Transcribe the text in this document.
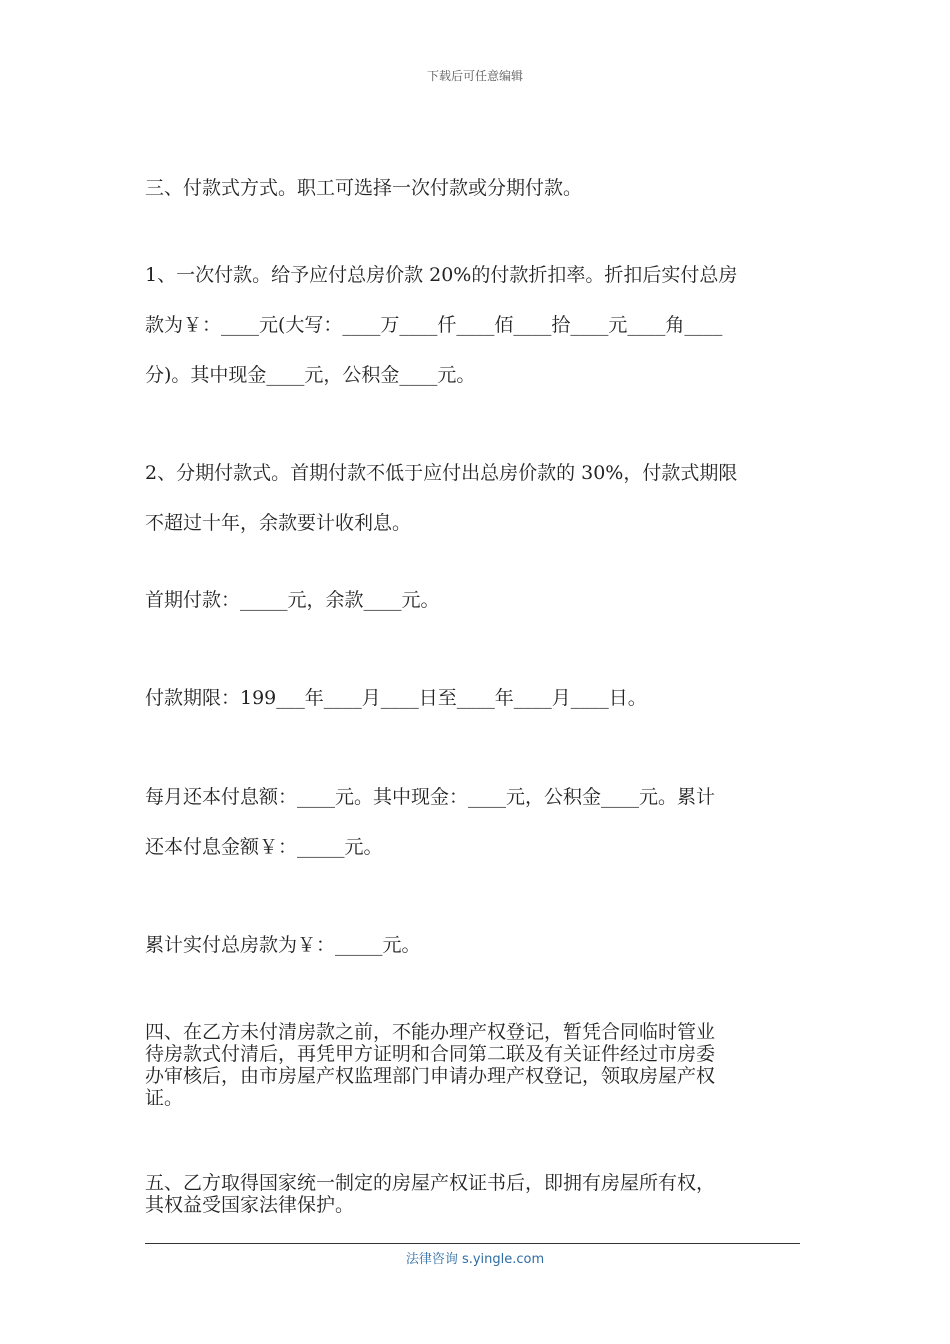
下载后可任意编辑
三、付款式方式。职工可选择一次付款或分期付款。
1、一次付款。给予应付总房价款 20%的付款折扣率。折扣后实付总房
款为￥：____元(大写：____万____仟____佰____拾____元____角____
分)。其中现金____元，公积金____元。
2、分期付款式。首期付款不低于应付出总房价款的 30%，付款式期限
不超过十年，余款要计收利息。
首期付款：_____元，余款____元。
付款期限：199___年____月____日至____年____月____日。
每月还本付息额：____元。其中现金：____元，公积金____元。累计
还本付息金额￥：_____元。
累计实付总房款为￥：_____元。
四、在乙方未付清房款之前，不能办理产权登记，暂凭合同临时管业
待房款式付清后，再凭甲方证明和合同第二联及有关证件经过市房委
办审核后，由市房屋产权监理部门申请办理产权登记，领取房屋产权
证。
五、乙方取得国家统一制定的房屋产权证书后，即拥有房屋所有权，
其权益受国家法律保护。
法律咨询 s.yingle.com
